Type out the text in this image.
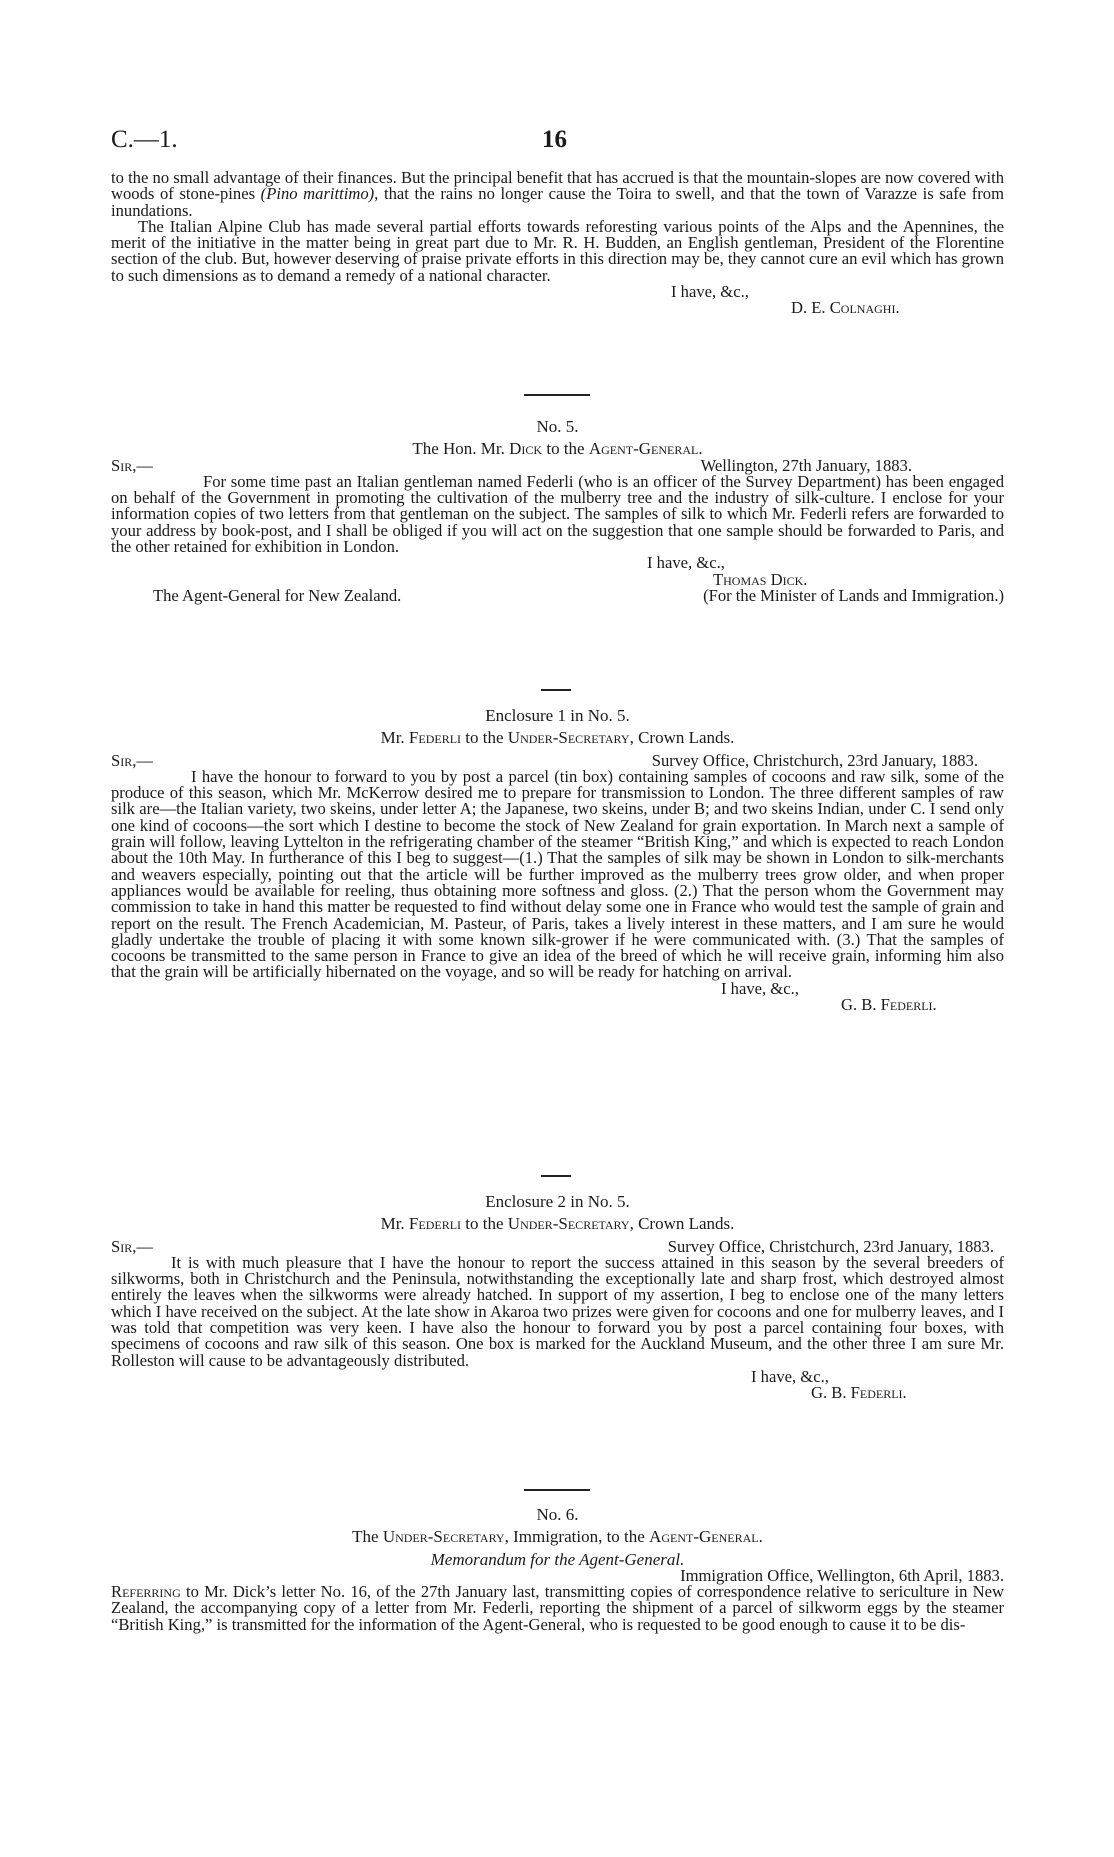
C.—1.	16

to the no small advantage of their finances. But the principal benefit that has accrued is that the mountain-slopes are now covered with woods of stone-pines (Pino marittimo), that the rains no longer cause the Toira to swell, and that the town of Varazze is safe from inundations.

The Italian Alpine Club has made several partial efforts towards reforesting various points of the Alps and the Apennines, the merit of the initiative in the matter being in great part due to Mr. R. H. Budden, an English gentleman, President of the Florentine section of the club. But, however deserving of praise private efforts in this direction may be, they cannot cure an evil which has grown to such dimensions as to demand a remedy of a national character.

I have, &c.,

D. E. Colnaghi.

No. 5.

The Hon. Mr. Dick to the Agent-General.

Sir,—	Wellington, 27th January, 1883.

For some time past an Italian gentleman named Federli (who is an officer of the Survey Department) has been engaged on behalf of the Government in promoting the cultivation of the mulberry tree and the industry of silk-culture. I enclose for your information copies of two letters from that gentleman on the subject. The samples of silk to which Mr. Federli refers are forwarded to your address by book-post, and I shall be obliged if you will act on the suggestion that one sample should be forwarded to Paris, and the other retained for exhibition in London.

I have, &c.,

Thomas Dick.

The Agent-General for New Zealand.	(For the Minister of Lands and Immigration.)

Enclosure 1 in No. 5.

Mr. Federli to the Under-Secretary, Crown Lands.

Sir,—	Survey Office, Christchurch, 23rd January, 1883.

I have the honour to forward to you by post a parcel (tin box) containing samples of cocoons and raw silk, some of the produce of this season, which Mr. McKerrow desired me to prepare for transmission to London. The three different samples of raw silk are—the Italian variety, two skeins, under letter A; the Japanese, two skeins, under B; and two skeins Indian, under C. I send only one kind of cocoons—the sort which I destine to become the stock of New Zealand for grain exportation. In March next a sample of grain will follow, leaving Lyttelton in the refrigerating chamber of the steamer “British King,” and which is expected to reach London about the 10th May. In furtherance of this I beg to suggest—(1.) That the samples of silk may be shown in London to silk-merchants and weavers especially, pointing out that the article will be further improved as the mulberry trees grow older, and when proper appliances would be available for reeling, thus obtaining more softness and gloss. (2.) That the person whom the Government may commission to take in hand this matter be requested to find without delay some one in France who would test the sample of grain and report on the result. The French Academician, M. Pasteur, of Paris, takes a lively interest in these matters, and I am sure he would gladly undertake the trouble of placing it with some known silk-grower if he were communicated with. (3.) That the samples of cocoons be transmitted to the same person in France to give an idea of the breed of which he will receive grain, informing him also that the grain will be artificially hibernated on the voyage, and so will be ready for hatching on arrival.

I have, &c.,

G. B. Federli.

Enclosure 2 in No. 5.

Mr. Federli to the Under-Secretary, Crown Lands.

Sir,—	Survey Office, Christchurch, 23rd January, 1883.

It is with much pleasure that I have the honour to report the success attained in this season by the several breeders of silkworms, both in Christchurch and the Peninsula, notwithstanding the exceptionally late and sharp frost, which destroyed almost entirely the leaves when the silkworms were already hatched. In support of my assertion, I beg to enclose one of the many letters which I have received on the subject. At the late show in Akaroa two prizes were given for cocoons and one for mulberry leaves, and I was told that competition was very keen. I have also the honour to forward you by post a parcel containing four boxes, with specimens of cocoons and raw silk of this season. One box is marked for the Auckland Museum, and the other three I am sure Mr. Rolleston will cause to be advantageously distributed.

I have, &c.,

G. B. Federli.

No. 6.

The Under-Secretary, Immigration, to the Agent-General.

Memorandum for the Agent-General.

Immigration Office, Wellington, 6th April, 1883.

Referring to Mr. Dick’s letter No. 16, of the 27th January last, transmitting copies of correspondence relative to sericulture in New Zealand, the accompanying copy of a letter from Mr. Federli, reporting the shipment of a parcel of silkworm eggs by the steamer “British King,” is transmitted for the information of the Agent-General, who is requested to be good enough to cause it to be dis-
